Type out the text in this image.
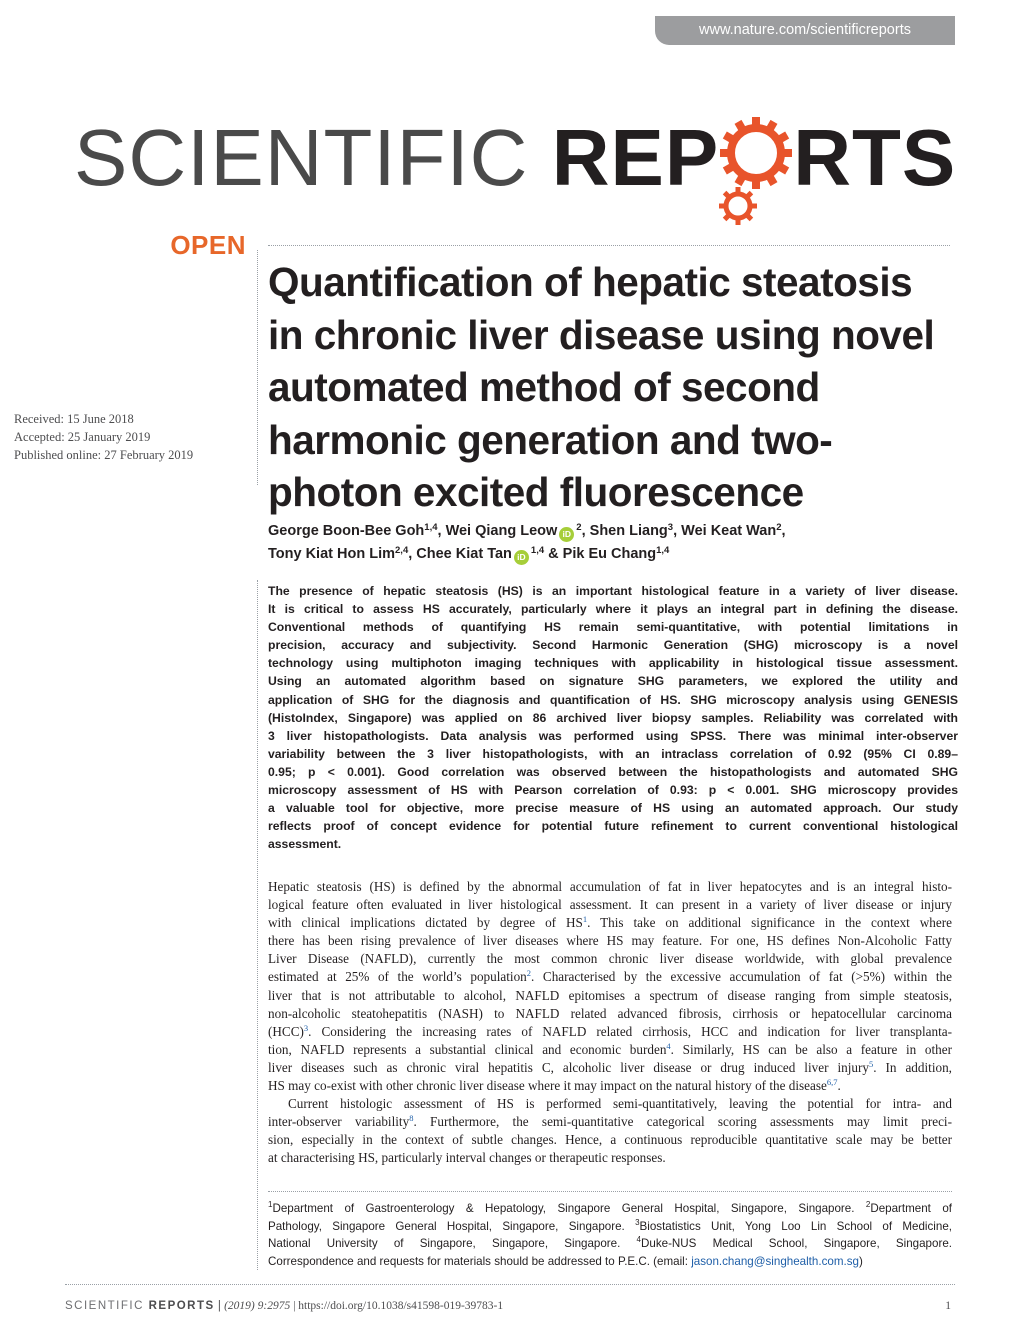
www.nature.com/scientificreports
SCIENTIFIC REP RTS
OPEN
Received: 15 June 2018
Accepted: 25 January 2019
Published online: 27 February 2019
Quantification of hepatic steatosis
in chronic liver disease using novel
automated method of second
harmonic generation and two-
photon excited fluorescence
George Boon-Bee Goh$^{1,4}$, Wei Qiang Leow $iD^2$, Shen Liang$^3$, Wei Keat Wan$^2$,
Tony Kiat Hon Lim$^{2,4}$, Chee Kiat Tan iD$^{1,4}$ & Pik Eu Chang$^{1,4}$
The presence of hepatic steatosis (HS) is an important histological feature in a variety of liver disease.
It is critical to assess HS accurately, particularly where it plays an integral part in defining the disease.
Conventional methods of quantifying HS remain semi-quantitative, with potential limitations in
precision, accuracy and subjectivity. Second Harmonic Generation (SHG) microscopy is a novel
technology using multiphoton imaging techniques with applicability in histological tissue assessment.
Using an automated algorithm based on signature SHG parameters, we explored the utility and
application of SHG for the diagnosis and quantification of HS. SHG microscopy analysis using GENESIS
(HistoIndex, Singapore) was applied on 86 archived liver biopsy samples. Reliability was correlated with
3 liver histopathologists. Data analysis was performed using SPSS. There was minimal inter-observer
variability between the 3 liver histopathologists, with an intraclass correlation of 0.92 (95% CI 0.89–
0.95; p < 0.001). Good correlation was observed between the histopathologists and automated SHG
microscopy assessment of HS with Pearson correlation of 0.93: p < 0.001. SHG microscopy provides
a valuable tool for objective, more precise measure of HS using an automated approach. Our study
reflects proof of concept evidence for potential future refinement to current conventional histological
assessment.
Hepatic steatosis (HS) is defined by the abnormal accumulation of fat in liver hepatocytes and is an integral histo-
logical feature often evaluated in liver histological assessment. It can present in a variety of liver disease or injury
with clinical implications dictated by degree of $HS^1$. This take on additional significance in the context where
there has been rising prevalence of liver diseases where HS may feature. For one, HS defines Non-Alcoholic Fatty
Liver Disease (NAFLD), currently the most common chronic liver disease worldwide, with global prevalence
estimated at 25% of the world’s population$^2$. Characterised by the excessive accumulation of fat (>5%) within the
liver that is not attributable to alcohol, NAFLD epitomises a spectrum of disease ranging from simple steatosis,
non-alcoholic steatohepatitis (NASH) to NAFLD related advanced fibrosis, cirrhosis or hepatocellular carcinoma
(HCC)$^3$. Considering the increasing rates of NAFLD related cirrhosis, HCC and indication for liver transplanta-
tion, NAFLD represents a substantial clinical and economic burden$^4$. Similarly, HS can be also a feature in other
liver diseases such as chronic viral hepatitis C, alcoholic liver disease or drug induced liver injury$^5$. In addition,
HS may co-exist with other chronic liver disease where it may impact on the natural history of the disease$^{6,7}$.
Current histologic assessment of HS is performed semi-quantitatively, leaving the potential for intra- and
inter-observer variability$^8$. Furthermore, the semi-quantitative categorical scoring assessments may limit preci-
sion, especially in the context of subtle changes. Hence, a continuous reproducible quantitative scale may be better
at characterising HS, particularly interval changes or therapeutic responses.
$^1$Department of Gastroenterology & Hepatology, Singapore General Hospital, Singapore, Singapore. $^2$Department of
Pathology, Singapore General Hospital, Singapore, Singapore. $^3$Biostatistics Unit, Yong Loo Lin School of Medicine,
National University of Singapore, Singapore, Singapore. $^4$Duke-NUS Medical School, Singapore, Singapore.
Correspondence and requests for materials should be addressed to P.E.C. (email: jason.chang@singhealth.com.sg)
SCIENTIFIC REPORTS | (2019) 9:2975 | https://doi.org/10.1038/s41598-019-39783-1	1
